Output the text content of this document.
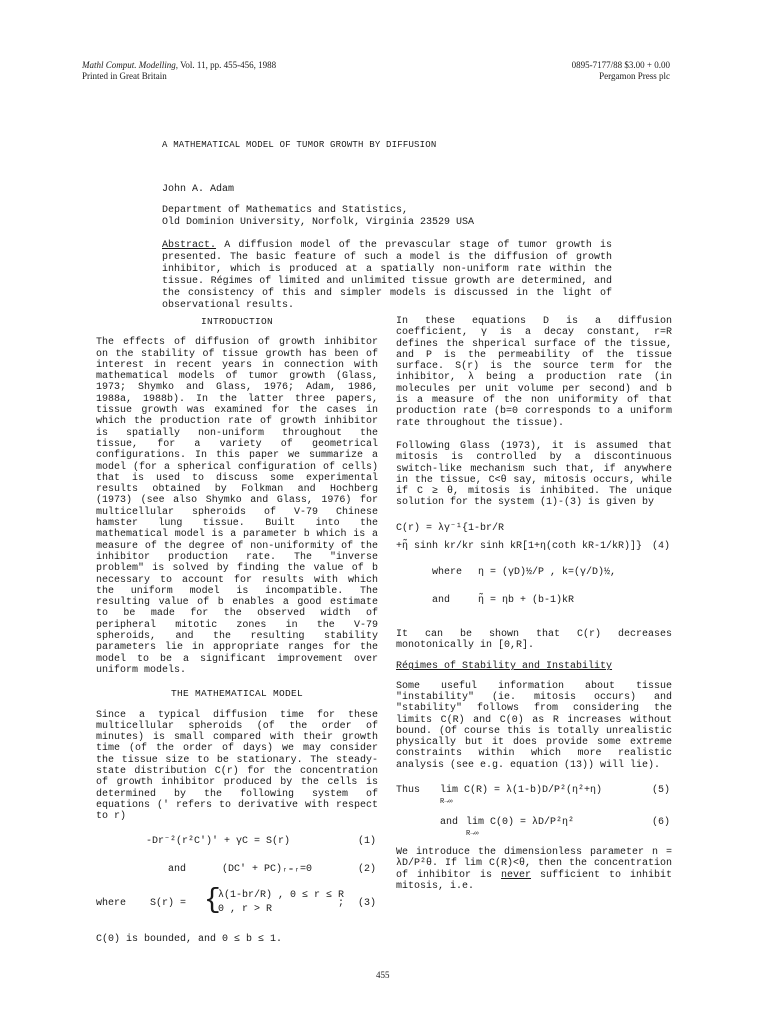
Mathl Comput. Modelling, Vol. 11, pp. 455-456, 1988
Printed in Great Britain
0895-7177/88 $3.00 + 0.00
Pergamon Press plc
A MATHEMATICAL MODEL OF TUMOR GROWTH BY DIFFUSION
John A. Adam
Department of Mathematics and Statistics,
Old Dominion University, Norfolk, Virginia 23529 USA
Abstract. A diffusion model of the prevascular stage of tumor growth is presented. The basic feature of such a model is the diffusion of growth inhibitor, which is produced at a spatially non-uniform rate within the tissue. Régimes of limited and unlimited tissue growth are determined, and the consistency of this and simpler models is discussed in the light of observational results.
INTRODUCTION

The effects of diffusion of growth inhibitor on the stability of tissue growth has been of interest in recent years in connection with mathematical models of tumor growth (Glass, 1973; Shymko and Glass, 1976; Adam, 1986, 1988a, 1988b). In the latter three papers, tissue growth was examined for the cases in which the production rate of growth inhibitor is spatially non-uniform throughout the tissue, for a variety of geometrical configurations. In this paper we summarize a model (for a spherical configuration of cells) that is used to discuss some experimental results obtained by Folkman and Hochberg (1973) (see also Shymko and Glass, 1976) for multicellular spheroids of V-79 Chinese hamster lung tissue. Built into the mathematical model is a parameter b which is a measure of the degree of non-uniformity of the inhibitor production rate. The "inverse problem" is solved by finding the value of b necessary to account for results with which the uniform model is incompatible. The resulting value of b enables a good estimate to be made for the observed width of peripheral mitotic zones in the V-79 spheroids, and the resulting stability parameters lie in appropriate ranges for the model to be a significant improvement over uniform models.

THE MATHEMATICAL MODEL

Since a typical diffusion time for these multicellular spheroids (of the order of minutes) is small compared with their growth time (of the order of days) we may consider the tissue size to be stationary. The steady-state distribution C(r) for the concentration of growth inhibitor produced by the cells is determined by the following system of equations (' refers to derivative with respect to r)

-Dr⁻²(r²C')' + γC = S(r)	(1)
and	(DC' + PC)ᵣ₌ᵣ=0	(2)
where S(r) = {
λ(1-br/R) , 0 ≤ r ≤ R
0 , r > R
; (3)

C(0) is bounded, and 0 ≤ b ≤ 1.

In these equations D is a diffusion coefficient, γ is a decay constant, r=R defines the shperical surface of the tissue, and P is the permeability of the tissue surface. S(r) is the source term for the inhibitor, λ being a production rate (in molecules per unit volume per second) and b is a measure of the non uniformity of that production rate (b=0 corresponds to a uniform rate throughout the tissue).

Following Glass (1973), it is assumed that mitosis is controlled by a discontinuous switch-like mechanism such that, if anywhere in the tissue, C<θ say, mitosis occurs, while if C ≥ θ, mitosis is inhibited. The unique solution for the system (1)-(3) is given by

C(r) = λγ⁻¹{1-br/R
+η̃ sinh kr/kr sinh kR[1+η(coth kR-1/kR)]} (4)
where η = (γD)½/P , k=(γ/D)½,
and	η̃ = ηb + (b-1)kR

It can be shown that C(r) decreases monotonically in [0,R].

Régimes of Stability and Instability

Some useful information about tissue "instability" (ie. mitosis occurs) and "stability" follows from considering the limits C(R) and C(0) as R increases without bound. (Of course this is totally unrealistic physically but it does provide some extreme constraints within which more realistic analysis (see e.g. equation (13)) will lie).

Thus lim C(R) = λ(1-b)D/P²(η²+η)
R→∞
(5)
and lim C(0) = λD/P²η²
R→∞
(6)

We introduce the dimensionless parameter n = λD/P²θ. If lim C(R)<θ, then the concentration of inhibitor is never sufficient to inhibit mitosis, i.e.

455
